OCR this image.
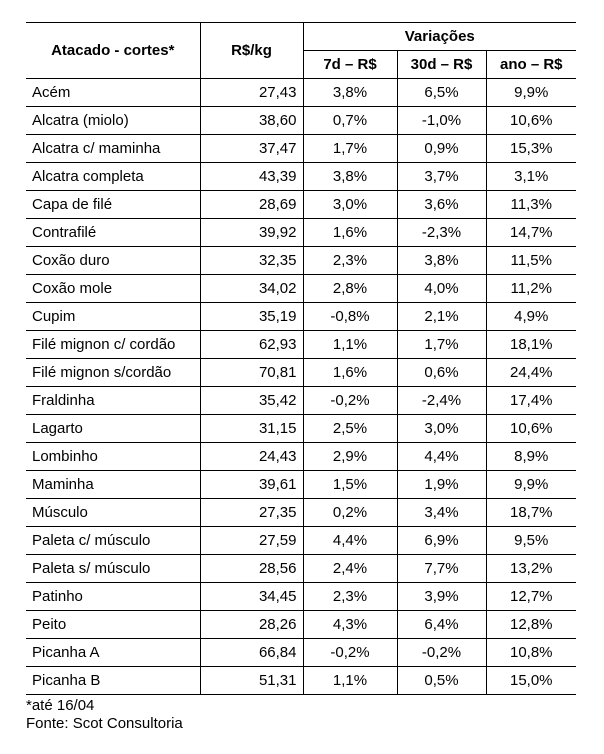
Atacado - cortes*	R$/kg	Variações		
		7d – R$	30d – R$	ano – R$
Acém	27,43	3,8%	6,5%	9,9%
Alcatra (miolo)	38,60	0,7%	-1,0%	10,6%
Alcatra c/ maminha	37,47	1,7%	0,9%	15,3%
Alcatra completa	43,39	3,8%	3,7%	3,1%
Capa de filé	28,69	3,0%	3,6%	11,3%
Contrafilé	39,92	1,6%	-2,3%	14,7%
Coxão duro	32,35	2,3%	3,8%	11,5%
Coxão mole	34,02	2,8%	4,0%	11,2%
Cupim	35,19	-0,8%	2,1%	4,9%
Filé mignon c/ cordão	62,93	1,1%	1,7%	18,1%
Filé mignon s/cordão	70,81	1,6%	0,6%	24,4%
Fraldinha	35,42	-0,2%	-2,4%	17,4%
Lagarto	31,15	2,5%	3,0%	10,6%
Lombinho	24,43	2,9%	4,4%	8,9%
Maminha	39,61	1,5%	1,9%	9,9%
Músculo	27,35	0,2%	3,4%	18,7%
Paleta c/ músculo	27,59	4,4%	6,9%	9,5%
Paleta s/ músculo	28,56	2,4%	7,7%	13,2%
Patinho	34,45	2,3%	3,9%	12,7%
Peito	28,26	4,3%	6,4%	12,8%
Picanha A	66,84	-0,2%	-0,2%	10,8%
Picanha B	51,31	1,1%	0,5%	15,0%
*até 16/04
Fonte: Scot Consultoria
